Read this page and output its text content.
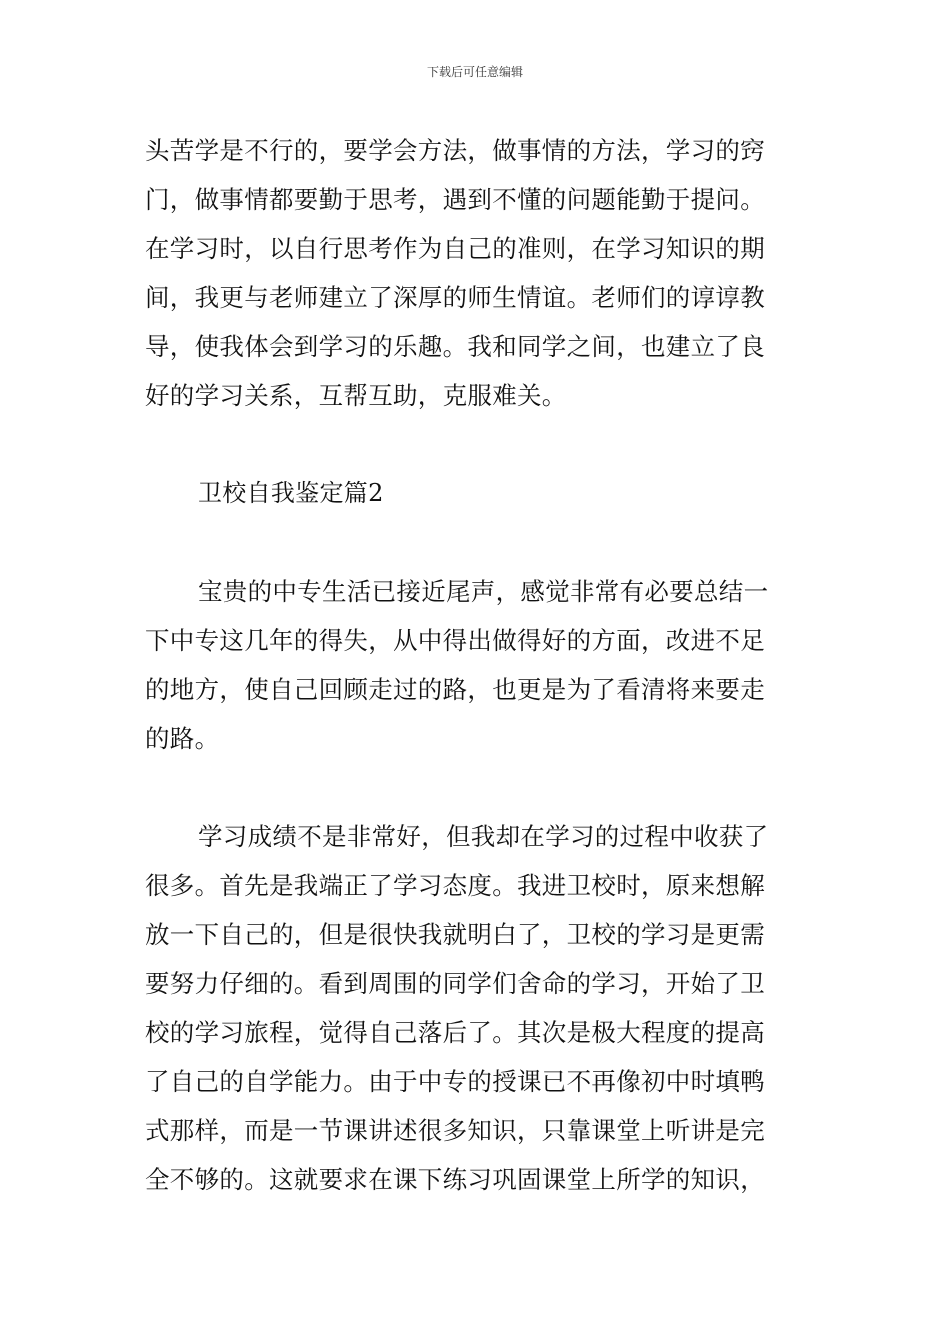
下载后可任意编辑
头苦学是不行的，要学会方法，做事情的方法，学习的窍
门，做事情都要勤于思考，遇到不懂的问题能勤于提问。
在学习时，以自行思考作为自己的准则，在学习知识的期
间，我更与老师建立了深厚的师生情谊。老师们的谆谆教
导，使我体会到学习的乐趣。我和同学之间，也建立了良
好的学习关系，互帮互助，克服难关。
卫校自我鉴定篇2
宝贵的中专生活已接近尾声，感觉非常有必要总结一
下中专这几年的得失，从中得出做得好的方面，改进不足
的地方，使自己回顾走过的路，也更是为了看清将来要走
的路。
学习成绩不是非常好，但我却在学习的过程中收获了
很多。首先是我端正了学习态度。我进卫校时，原来想解
放一下自己的，但是很快我就明白了，卫校的学习是更需
要努力仔细的。看到周围的同学们舍命的学习，开始了卫
校的学习旅程，觉得自己落后了。其次是极大程度的提高
了自己的自学能力。由于中专的授课已不再像初中时填鸭
式那样，而是一节课讲述很多知识，只靠课堂上听讲是完
全不够的。这就要求在课下练习巩固课堂上所学的知识，
